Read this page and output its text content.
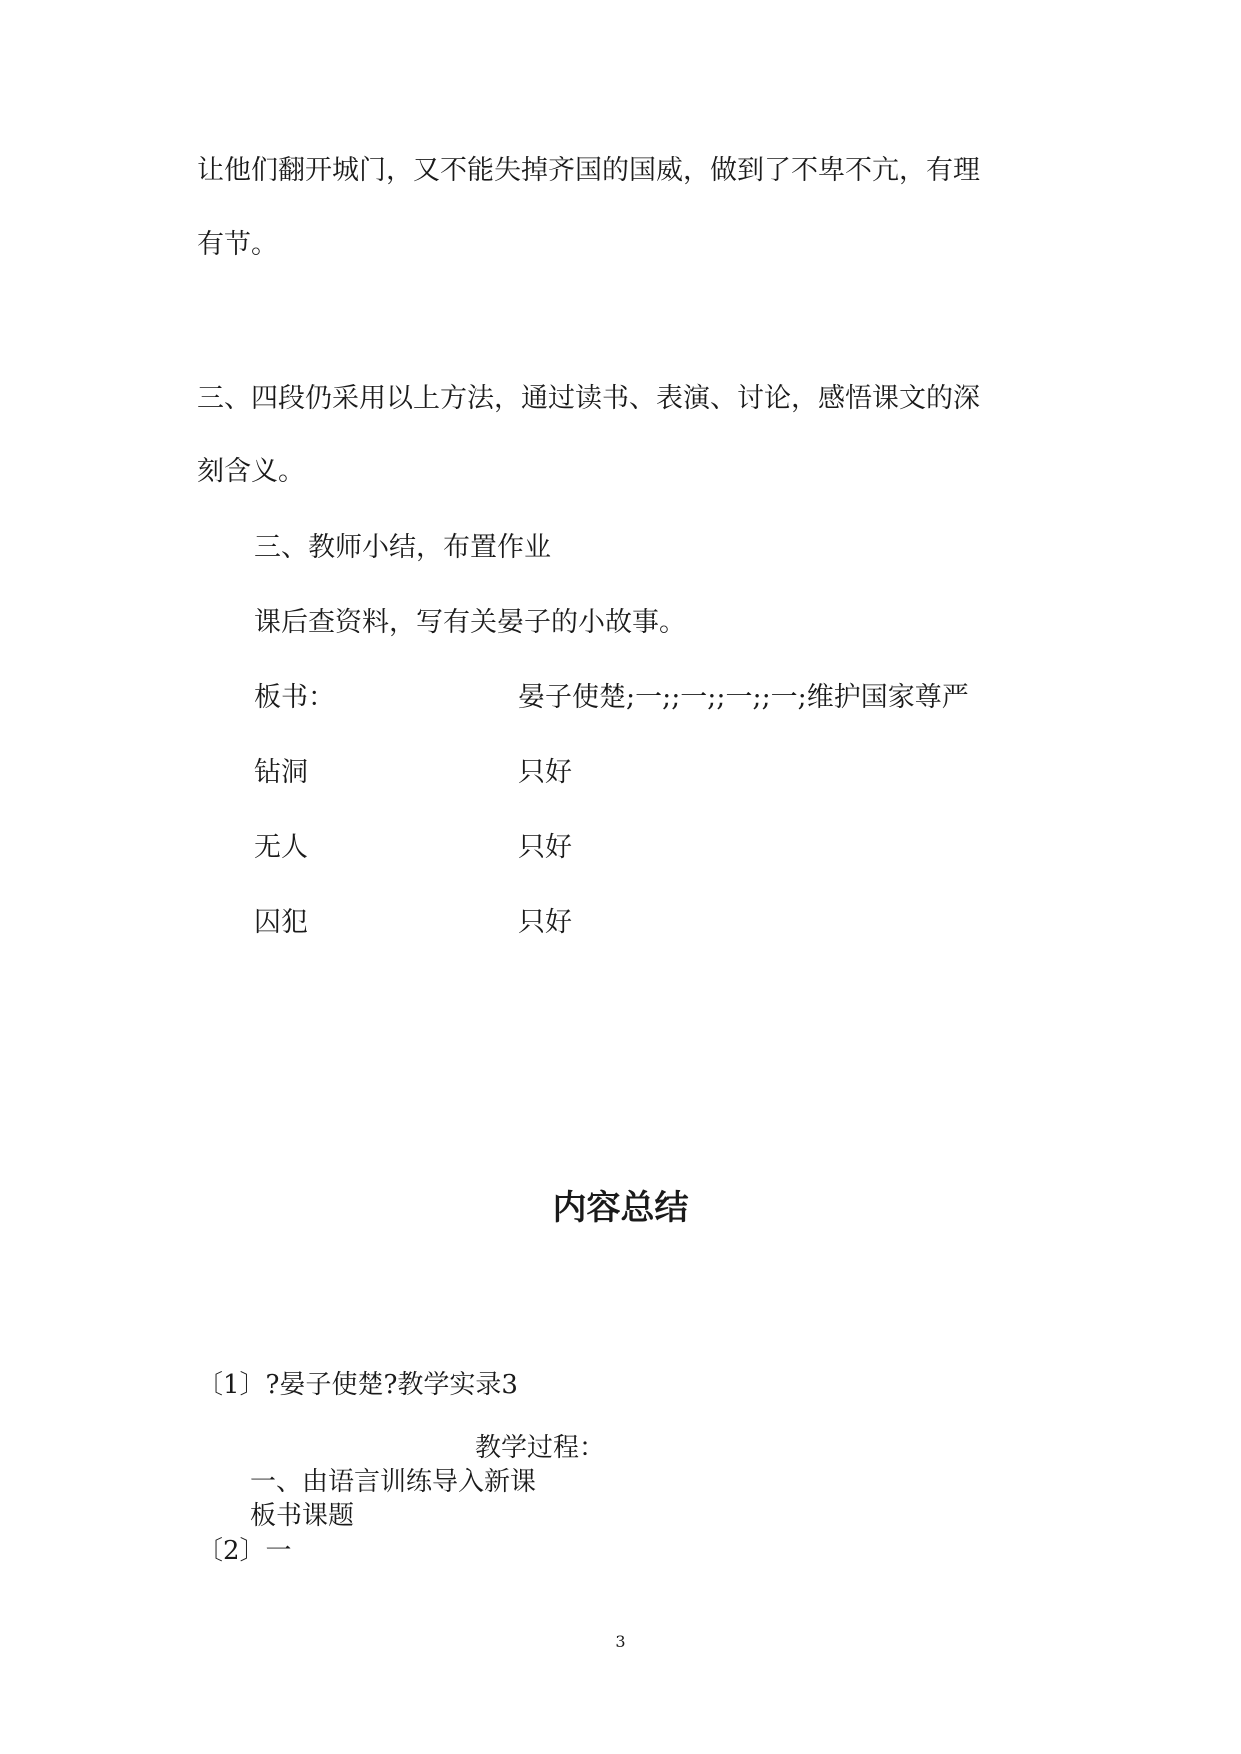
让他们翻开城门，又不能失掉齐国的国威，做到了不卑不亢，有理
有节。
三、四段仍采用以上方法，通过读书、表演、讨论，感悟课文的深
刻含义。
三、教师小结，布置作业
课后查资料，写有关晏子的小故事。
板书：	晏子使楚;一;;一;;一;;一;维护国家尊严
钻洞	只好
无人	只好
囚犯	只好
内容总结
〔1〕?晏子使楚?教学实录3
教学过程：
一、由语言训练导入新课
板书课题
〔2〕一
3
